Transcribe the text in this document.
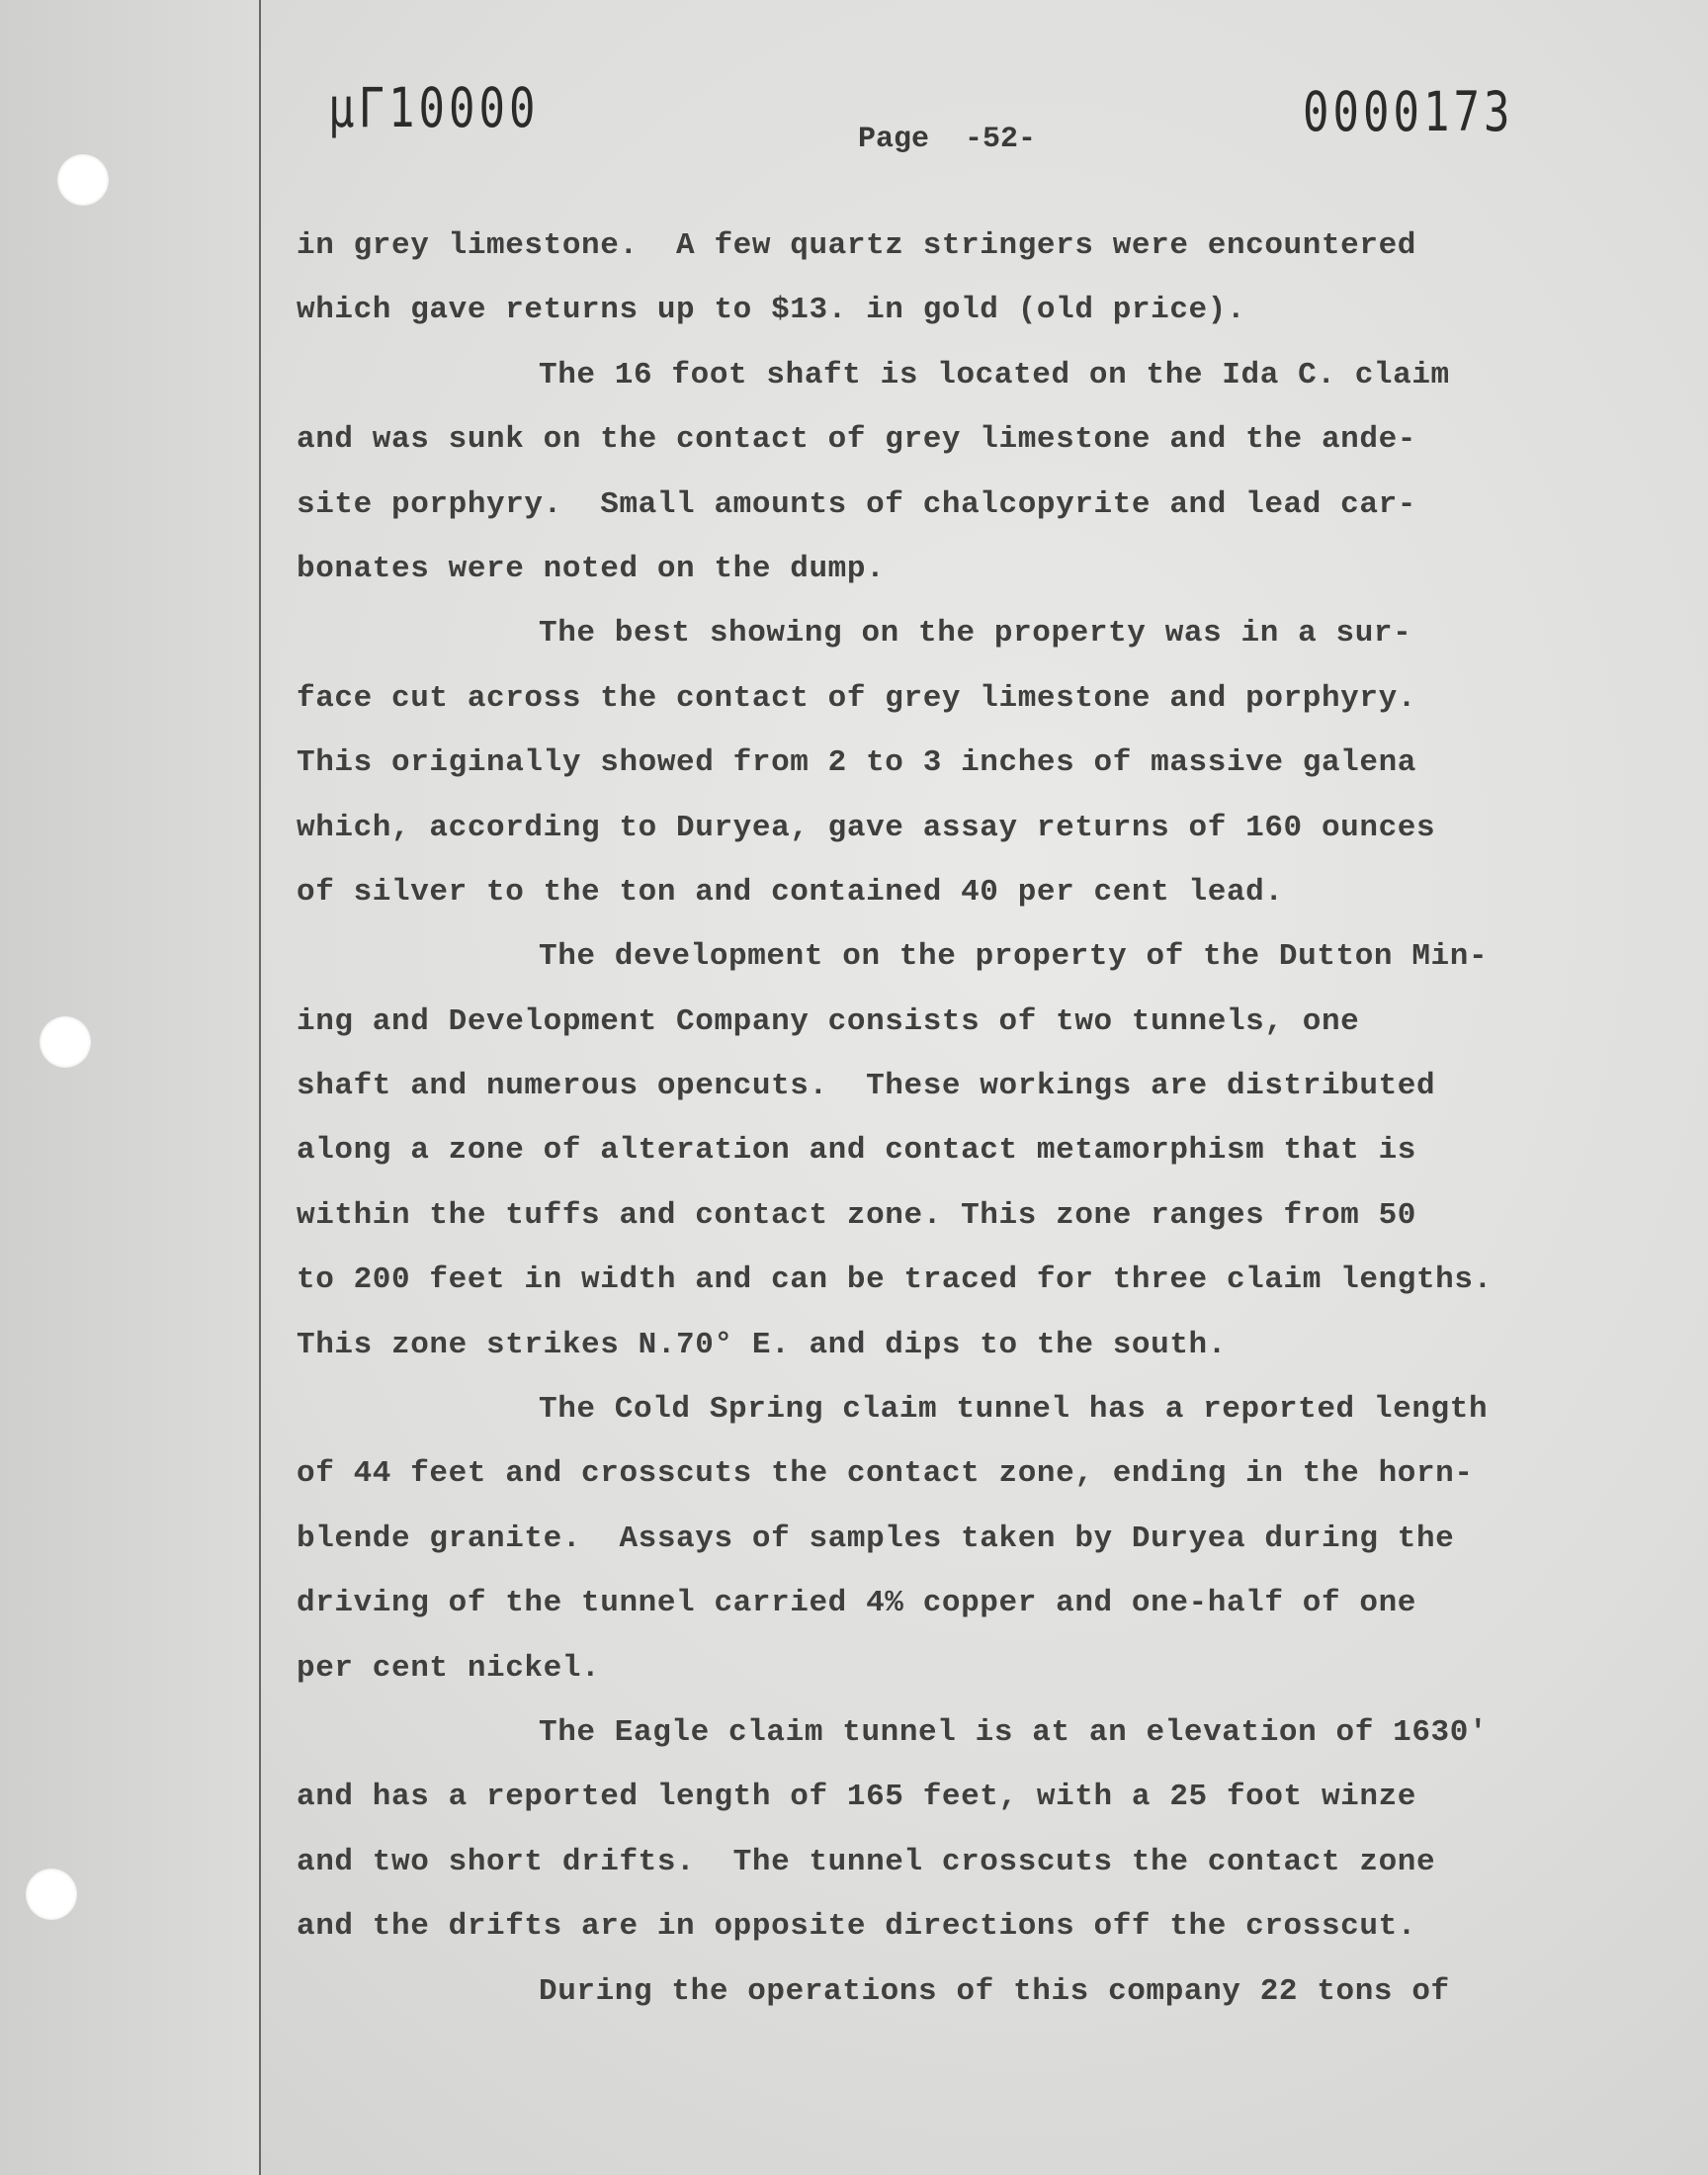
µΓ10000	0000173
Page  -52-
in grey limestone.  A few quartz stringers were encountered
which gave returns up to $13. in gold (old price).
The 16 foot shaft is located on the Ida C. claim
and was sunk on the contact of grey limestone and the ande-
site porphyry.  Small amounts of chalcopyrite and lead car-
bonates were noted on the dump.
The best showing on the property was in a sur-
face cut across the contact of grey limestone and porphyry.
This originally showed from 2 to 3 inches of massive galena
which, according to Duryea, gave assay returns of 160 ounces
of silver to the ton and contained 40 per cent lead.
The development on the property of the Dutton Min-
ing and Development Company consists of two tunnels, one
shaft and numerous opencuts.  These workings are distributed
along a zone of alteration and contact metamorphism that is
within the tuffs and contact zone. This zone ranges from 50
to 200 feet in width and can be traced for three claim lengths.
This zone strikes N.70° E. and dips to the south.
The Cold Spring claim tunnel has a reported length
of 44 feet and crosscuts the contact zone, ending in the horn-
blende granite.  Assays of samples taken by Duryea during the
driving of the tunnel carried 4% copper and one-half of one
per cent nickel.
The Eagle claim tunnel is at an elevation of 1630'
and has a reported length of 165 feet, with a 25 foot winze
and two short drifts.  The tunnel crosscuts the contact zone
and the drifts are in opposite directions off the crosscut.
During the operations of this company 22 tons of
